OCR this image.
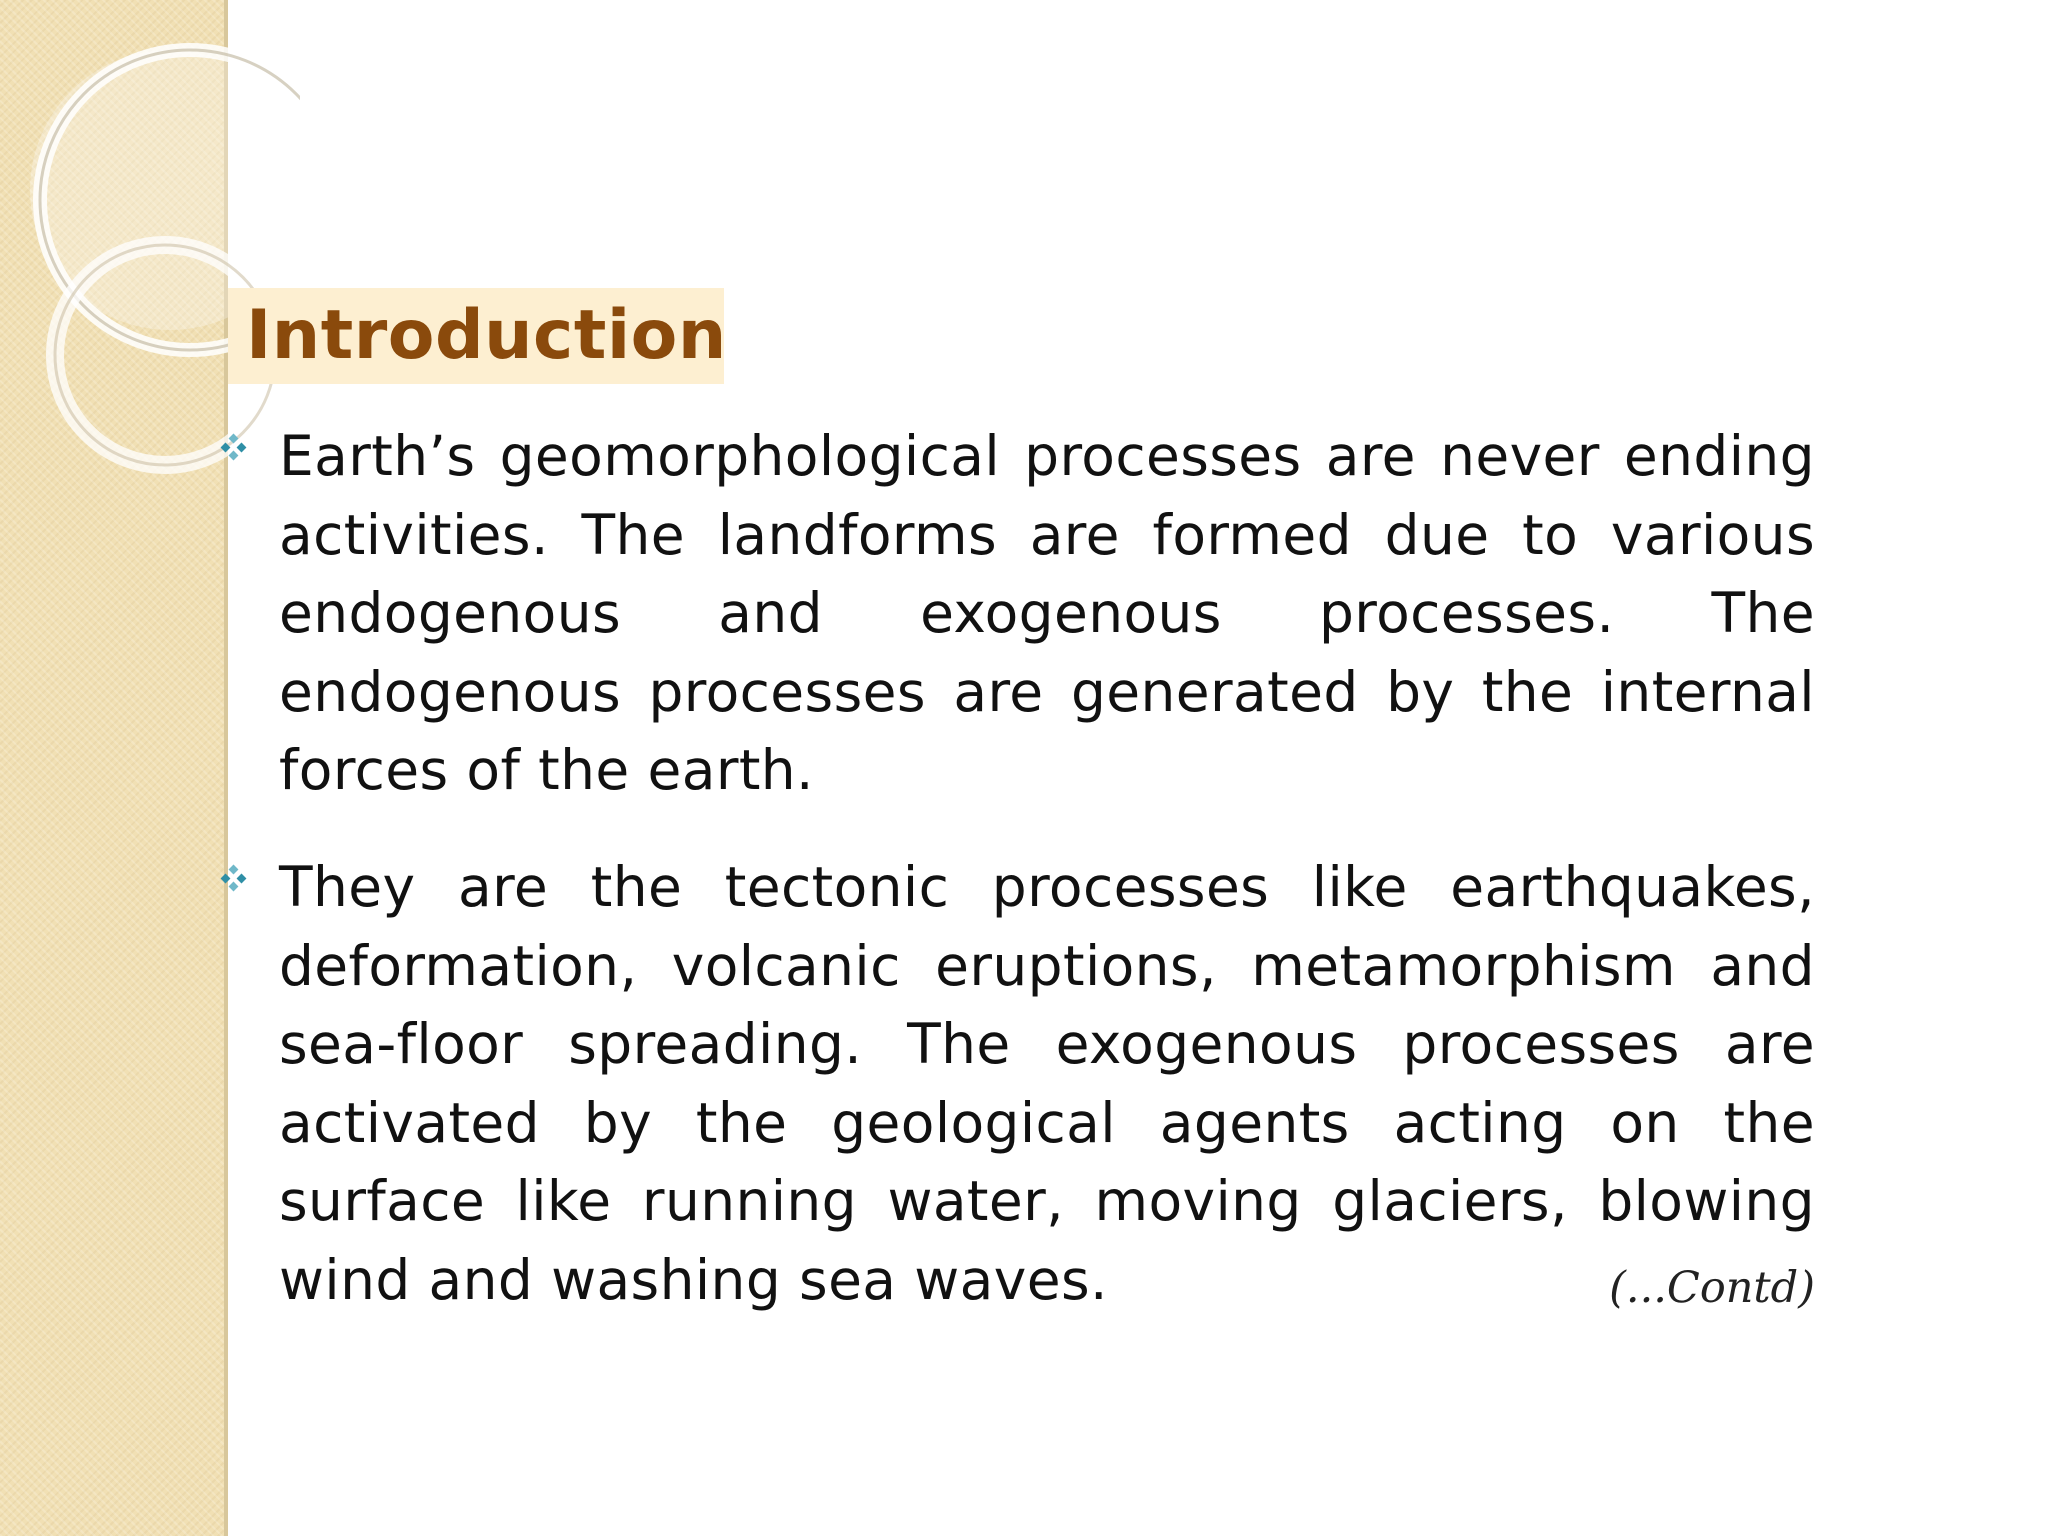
Introduction

Earth’s geomorphological processes are never ending activities. The landforms are formed due to various endogenous and exogenous processes. The endogenous processes are generated by the internal forces of the earth.

They are the tectonic processes like earthquakes, deformation, volcanic eruptions, metamorphism and sea-floor spreading. The exogenous processes are activated by the geological agents acting on the surface like running water, moving glaciers, blowing wind and washing sea waves.	(...Contd)
